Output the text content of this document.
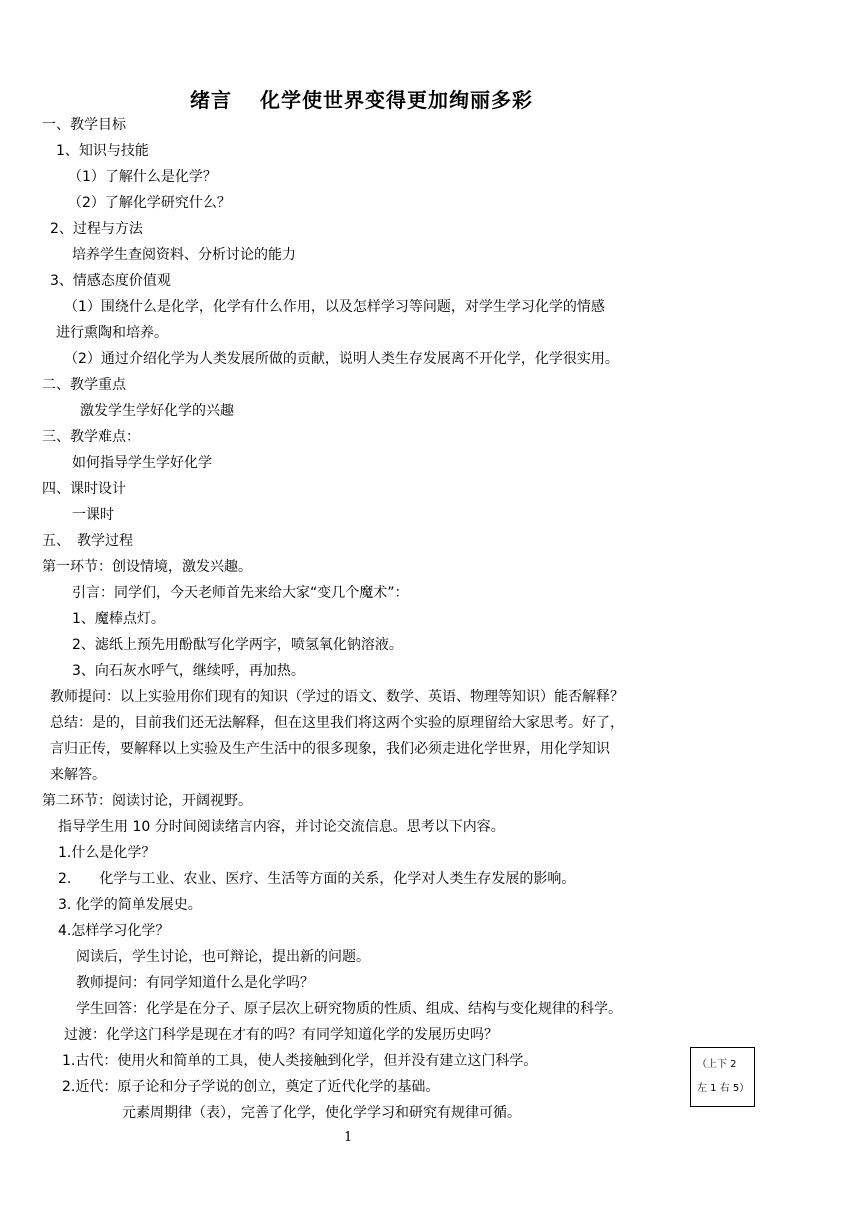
绪言 化学使世界变得更加绚丽多彩
一、教学目标
1、知识与技能
（1）了解什么是化学？
（2）了解化学研究什么？
2、过程与方法
培养学生查阅资料、分析讨论的能力
3、情感态度价值观
（1）围绕什么是化学，化学有什么作用，以及怎样学习等问题，对学生学习化学的情感
进行熏陶和培养。
（2）通过介绍化学为人类发展所做的贡献，说明人类生存发展离不开化学，化学很实用。
二、教学重点
激发学生学好化学的兴趣
三、教学难点：
如何指导学生学好化学
四、课时设计
一课时
五、　教学过程
第一环节：创设情境，激发兴趣。
引言：同学们，今天老师首先来给大家“变几个魔术”：
1、魔棒点灯。
2、滤纸上预先用酚酞写化学两字，喷氢氧化钠溶液。
3、向石灰水呼气，继续呼，再加热。
教师提问：以上实验用你们现有的知识（学过的语文、数学、英语、物理等知识）能否解释？
总结：是的，目前我们还无法解释，但在这里我们将这两个实验的原理留给大家思考。好了，
言归正传，要解释以上实验及生产生活中的很多现象，我们必须走进化学世界，用化学知识
来解答。
第二环节：阅读讨论，开阔视野。
指导学生用 10 分时间阅读绪言内容，并讨论交流信息。思考以下内容。
1.什么是化学？
2.　　化学与工业、农业、医疗、生活等方面的关系，化学对人类生存发展的影响。
3. 化学的简单发展史。
4.怎样学习化学？
阅读后，学生讨论，也可辩论，提出新的问题。
教师提问：有同学知道什么是化学吗？
学生回答：化学是在分子、原子层次上研究物质的性质、组成、结构与变化规律的科学。
过渡：化学这门科学是现在才有的吗？有同学知道化学的发展历史吗？
1.古代：使用火和简单的工具，使人类接触到化学，但并没有建立这门科学。
2.近代：原子论和分子学说的创立，奠定了近代化学的基础。
元素周期律（表），完善了化学，使化学学习和研究有规律可循。
（上下 2
左 1 右 5）
1
